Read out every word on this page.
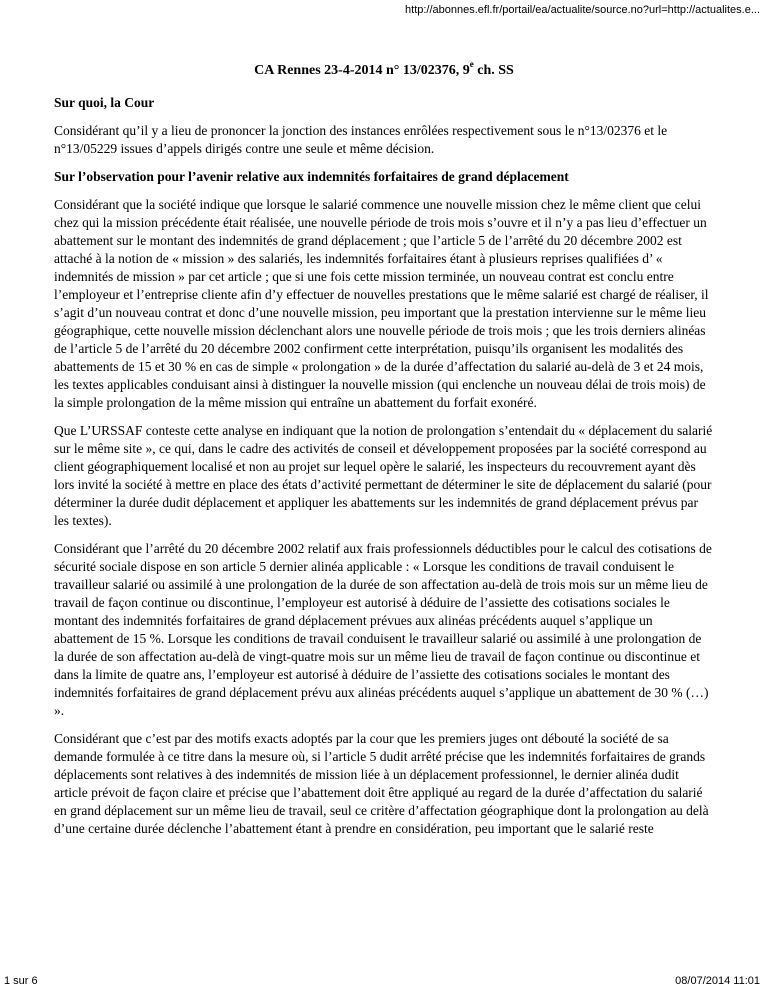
http://abonnes.efl.fr/portail/ea/actualite/source.no?url=http://actualites.e...
CA Rennes 23-4-2014 n° 13/02376, 9e ch. SS
Sur quoi, la Cour

Considérant qu’il y a lieu de prononcer la jonction des instances enrôlées respectivement sous le n°13/02376 et le n°13/05229 issues d’appels dirigés contre une seule et même décision.

Sur l’observation pour l’avenir relative aux indemnités forfaitaires de grand déplacement

Considérant que la société indique que lorsque le salarié commence une nouvelle mission chez le même client que celui chez qui la mission précédente était réalisée, une nouvelle période de trois mois s’ouvre et il n’y a pas lieu d’effectuer un abattement sur le montant des indemnités de grand déplacement ; que l’article 5 de l’arrêté du 20 décembre 2002 est attaché à la notion de « mission » des salariés, les indemnités forfaitaires étant à plusieurs reprises qualifiées d’ « indemnités de mission » par cet article ; que si une fois cette mission terminée, un nouveau contrat est conclu entre l’employeur et l’entreprise cliente afin d’y effectuer de nouvelles prestations que le même salarié est chargé de réaliser, il s’agit d’un nouveau contrat et donc d’une nouvelle mission, peu important que la prestation intervienne sur le même lieu géographique, cette nouvelle mission déclenchant alors une nouvelle période de trois mois ; que les trois derniers alinéas de l’article 5 de l’arrêté du 20 décembre 2002 confirment cette interprétation, puisqu’ils organisent les modalités des abattements de 15 et 30 % en cas de simple « prolongation » de la durée d’affectation du salarié au-delà de 3 et 24 mois, les textes applicables conduisant ainsi à distinguer la nouvelle mission (qui enclenche un nouveau délai de trois mois) de la simple prolongation de la même mission qui entraîne un abattement du forfait exonéré.

Que L’URSSAF conteste cette analyse en indiquant que la notion de prolongation s’entendait du « déplacement du salarié sur le même site », ce qui, dans le cadre des activités de conseil et développement proposées par la société correspond au client géographiquement localisé et non au projet sur lequel opère le salarié, les inspecteurs du recouvrement ayant dès lors invité la société à mettre en place des états d’activité permettant de déterminer le site de déplacement du salarié (pour déterminer la durée dudit déplacement et appliquer les abattements sur les indemnités de grand déplacement prévus par les textes).

Considérant que l’arrêté du 20 décembre 2002 relatif aux frais professionnels déductibles pour le calcul des cotisations de sécurité sociale dispose en son article 5 dernier alinéa applicable : « Lorsque les conditions de travail conduisent le travailleur salarié ou assimilé à une prolongation de la durée de son affectation au-delà de trois mois sur un même lieu de travail de façon continue ou discontinue, l’employeur est autorisé à déduire de l’assiette des cotisations sociales le montant des indemnités forfaitaires de grand déplacement prévues aux alinéas précédents auquel s’applique un abattement de 15 %. Lorsque les conditions de travail conduisent le travailleur salarié ou assimilé à une prolongation de la durée de son affectation au-delà de vingt-quatre mois sur un même lieu de travail de façon continue ou discontinue et dans la limite de quatre ans, l’employeur est autorisé à déduire de l’assiette des cotisations sociales le montant des indemnités forfaitaires de grand déplacement prévu aux alinéas précédents auquel s’applique un abattement de 30 % (…) ».

Considérant que c’est par des motifs exacts adoptés par la cour que les premiers juges ont débouté la société de sa demande formulée à ce titre dans la mesure où, si l’article 5 dudit arrêté précise que les indemnités forfaitaires de grands déplacements sont relatives à des indemnités de mission liée à un déplacement professionnel, le dernier alinéa dudit article prévoit de façon claire et précise que l’abattement doit être appliqué au regard de la durée d’affectation du salarié en grand déplacement sur un même lieu de travail, seul ce critère d’affectation géographique dont la prolongation au delà d’une certaine durée déclenche l’abattement étant à prendre en considération, peu important que le salarié reste

1 sur 6	08/07/2014 11:01
